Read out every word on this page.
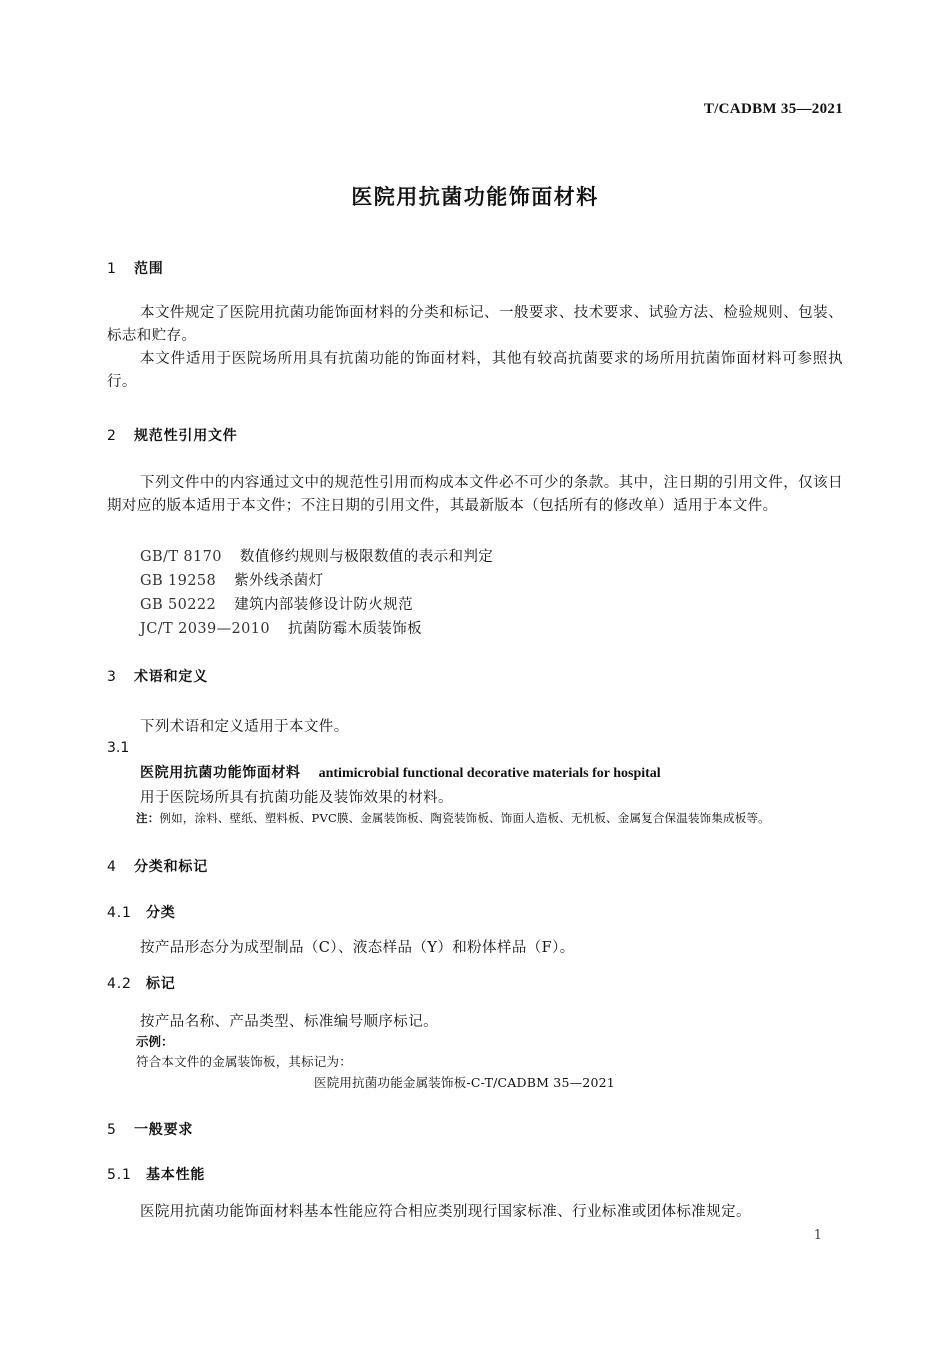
T/CADBM 35—2021
医院用抗菌功能饰面材料
1 范围
本文件规定了医院用抗菌功能饰面材料的分类和标记、一般要求、技术要求、试验方法、检验规则、包装、标志和贮存。
本文件适用于医院场所用具有抗菌功能的饰面材料，其他有较高抗菌要求的场所用抗菌饰面材料可参照执行。
2 规范性引用文件
下列文件中的内容通过文中的规范性引用而构成本文件必不可少的条款。其中，注日期的引用文件，仅该日期对应的版本适用于本文件；不注日期的引用文件，其最新版本（包括所有的修改单）适用于本文件。
GB/T 8170 数值修约规则与极限数值的表示和判定
GB 19258 紫外线杀菌灯
GB 50222 建筑内部装修设计防火规范
JC/T 2039—2010 抗菌防霉木质装饰板
3 术语和定义
下列术语和定义适用于本文件。
3.1
医院用抗菌功能饰面材料 antimicrobial functional decorative materials for hospital
用于医院场所具有抗菌功能及装饰效果的材料。
注：例如，涂料、壁纸、塑料板、PVC膜、金属装饰板、陶瓷装饰板、饰面人造板、无机板、金属复合保温装饰集成板等。
4 分类和标记
4.1 分类
按产品形态分为成型制品（C）、液态样品（Y）和粉体样品（F）。
4.2 标记
按产品名称、产品类型、标准编号顺序标记。
示例：
符合本文件的金属装饰板，其标记为：
医院用抗菌功能金属装饰板-C-T/CADBM 35—2021
5 一般要求
5.1 基本性能
医院用抗菌功能饰面材料基本性能应符合相应类别现行国家标准、行业标准或团体标准规定。
1
